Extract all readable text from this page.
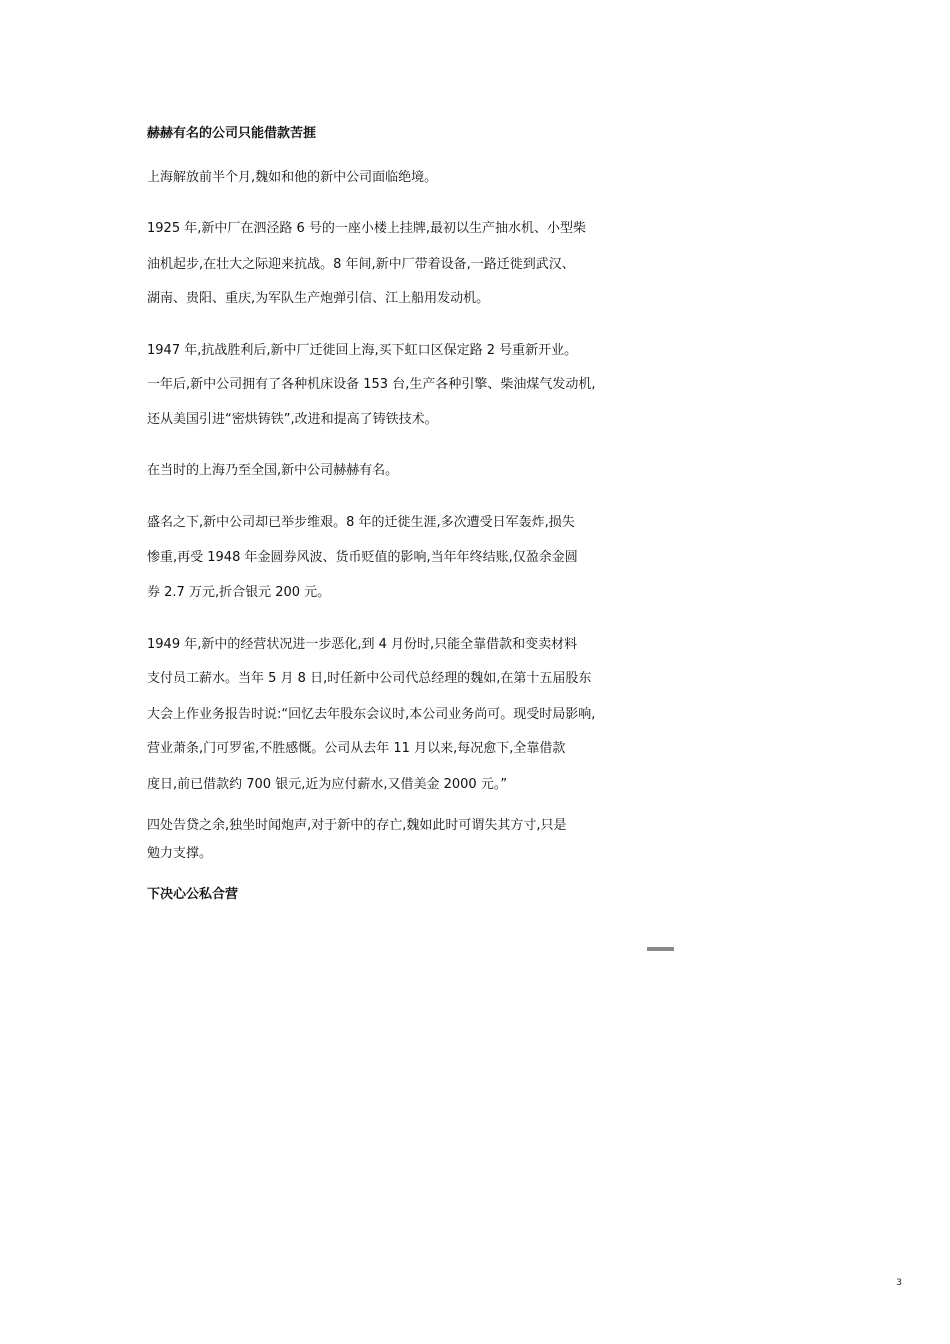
赫赫有名的公司只能借款苦捱
上海解放前半个月,魏如和他的新中公司面临绝境。
1925 年,新中厂在泗泾路 6 号的一座小楼上挂牌,最初以生产抽水机、小型柴
油机起步,在壮大之际迎来抗战。8 年间,新中厂带着设备,一路迁徙到武汉、
湖南、贵阳、重庆,为军队生产炮弹引信、江上船用发动机。
1947 年,抗战胜利后,新中厂迁徙回上海,买下虹口区保定路 2 号重新开业。
一年后,新中公司拥有了各种机床设备 153 台,生产各种引擎、柴油煤气发动机,
还从美国引进“密烘铸铁”,改进和提高了铸铁技术。
在当时的上海乃至全国,新中公司赫赫有名。
盛名之下,新中公司却已举步维艰。8 年的迁徙生涯,多次遭受日军轰炸,损失
惨重,再受 1948 年金圆券风波、货币贬值的影响,当年年终结账,仅盈余金圆
券 2.7 万元,折合银元 200 元。
1949 年,新中的经营状况进一步恶化,到 4 月份时,只能全靠借款和变卖材料
支付员工薪水。当年 5 月 8 日,时任新中公司代总经理的魏如,在第十五届股东
大会上作业务报告时说:“回忆去年股东会议时,本公司业务尚可。现受时局影响,
营业萧条,门可罗雀,不胜感慨。公司从去年 11 月以来,每况愈下,全靠借款
度日,前已借款约 700 银元,近为应付薪水,又借美金 2000 元。”
四处告贷之余,独坐时闻炮声,对于新中的存亡,魏如此时可谓失其方寸,只是
勉力支撑。
下决心公私合营
3
